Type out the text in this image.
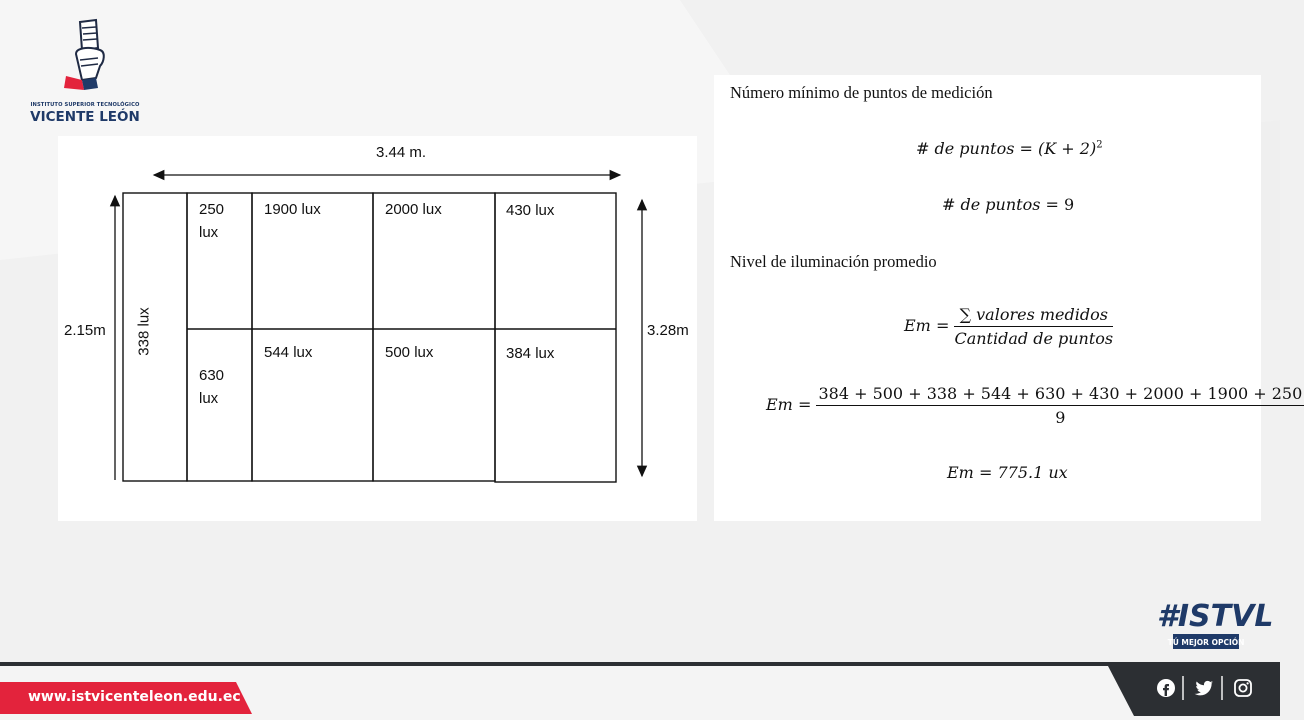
INSTITUTO SUPERIOR TECNOLÓGICO
VICENTE LEÓN
3.44 m.
2.15m	3.28m
338 lux
250
lux
630
lux
1900 lux
544 lux
2000 lux
500 lux
430 lux
384 lux
Número mínimo de puntos de medición
# de puntos = $(K + 2)^2$
# de puntos = 9
Nivel de iluminación promedio
$Em = \frac{\text{∑ valores medidos}}{\text{Cantidad de puntos}}$
$Em = \frac{384 + 500 + 338 + 544 + 630 + 430 + 2000 + 1900 + 250}{9}$
Em = 775.1 ux
#ISTVL
TÚ MEJOR OPCIÓN
www.istvicenteleon.edu.ec
